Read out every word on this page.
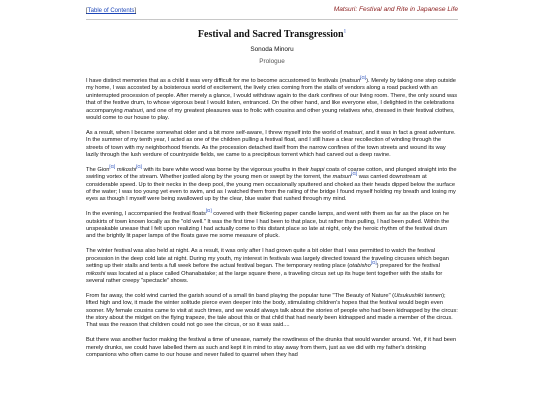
[Table of Contents]	Matsuri: Festival and Rite in Japanese Life
Festival and Sacred Transgression$^1$
Sonoda Minoru
Prologue

I have distinct memories that as a child it was very difficult for me to become accustomed to festivals (matsuri[G]). Merely by taking one step outside my home, I was accosted by a boisterous world of excitement, the lively cries coming from the stalls of vendors along a road packed with an uninterrupted procession of people. After merely a glance, I would withdraw again to the dark confines of our living room. There, the only sound was that of the festive drum, to whose vigorous beat I would listen, entranced. On the other hand, and like everyone else, I delighted in the celebrations accompanying matsuri, and one of my greatest pleasures was to frolic with cousins and other young relatives who, dressed in their festival clothes, would come to our house to play.

As a result, when I became somewhat older and a bit more self-aware, I threw myself into the world of matsuri, and it was in fact a great adventure. In the summer of my tenth year, I acted as one of the children pulling a festival float, and I still have a clear recollection of winding through the streets of town with my neighborhood friends. As the procession detached itself from the narrow confines of the town streets and wound its way lazily through the lush verdure of countryside fields, we came to a precipitous torrent which had carved out a deep ravine.

The Gion[G] mikoshi[G] with its bare white wood was borne by the vigorous youths in their happi coats of coarse cotton, and plunged straight into the swirling vortex of the stream. Whether jostled along by the young men or swept by the torrent, the matsuri[G] was carried downstream at considerable speed. Up to their necks in the deep pool, the young men occasionally sputtered and choked as their heads dipped below the surface of the water; I was too young yet even to swim, and as I watched them from the railing of the bridge I found myself holding my breath and losing my eyes as though I myself were being swallowed up by the clear, blue water that rushed through my mind.

In the evening, I accompanied the festival floats[G] covered with their flickering paper candle lamps, and went with them as far as the place on he outskirts of town known locally as the "old well." It was the first time I had been to that place, but rather than pulling, I had been pulled. Within the unspeakable unease that I felt upon realizing I had actually come to this distant place so late at night, only the heroic rhythm of the festival drum and the brightly lit paper lamps of the floats gave me some measure of pluck.

The winter festival was also held at night. As a result, it was only after I had grown quite a bit older that I was permitted to watch the festival procession in the deep cold late at night. During my youth, my interest in festivals was largely directed toward the traveling circuses which began setting up their stalls and tents a full week before the actual festival began. The temporary resting place (otabisho[G]) prepared for the festival mikoshi was located at a place called Ohanabatake; at the large square there, a traveling circus set up its huge tent together with the stalls for several rather creepy "spectacle" shows.

From far away, the cold wind carried the garish sound of a small tin band playing the popular tune "The Beauty of Nature" (Utsukushiki tennen); lifted high and low, it made the winter solitude pierce even deeper into the body, stimulating children's hopes that the festival would begin even sooner. My female cousins came to visit at such times, and we would always talk about the stories of people who had been kidnapped by the circus: the story about the midget on the flying trapeze, the tale about this or that child that had nearly been kidnapped and made a member of the circus. That was the reason that children could not go see the circus, or so it was said....

But there was another factor making the festival a time of unease, namely the rowdiness of the drunks that would wander around. Yet, if it had been merely drunks, we could have labelled them as such and kept it in mind to stay away from them, just as we did with my father's drinking companions who often came to our house and never failed to quarrel when they had
